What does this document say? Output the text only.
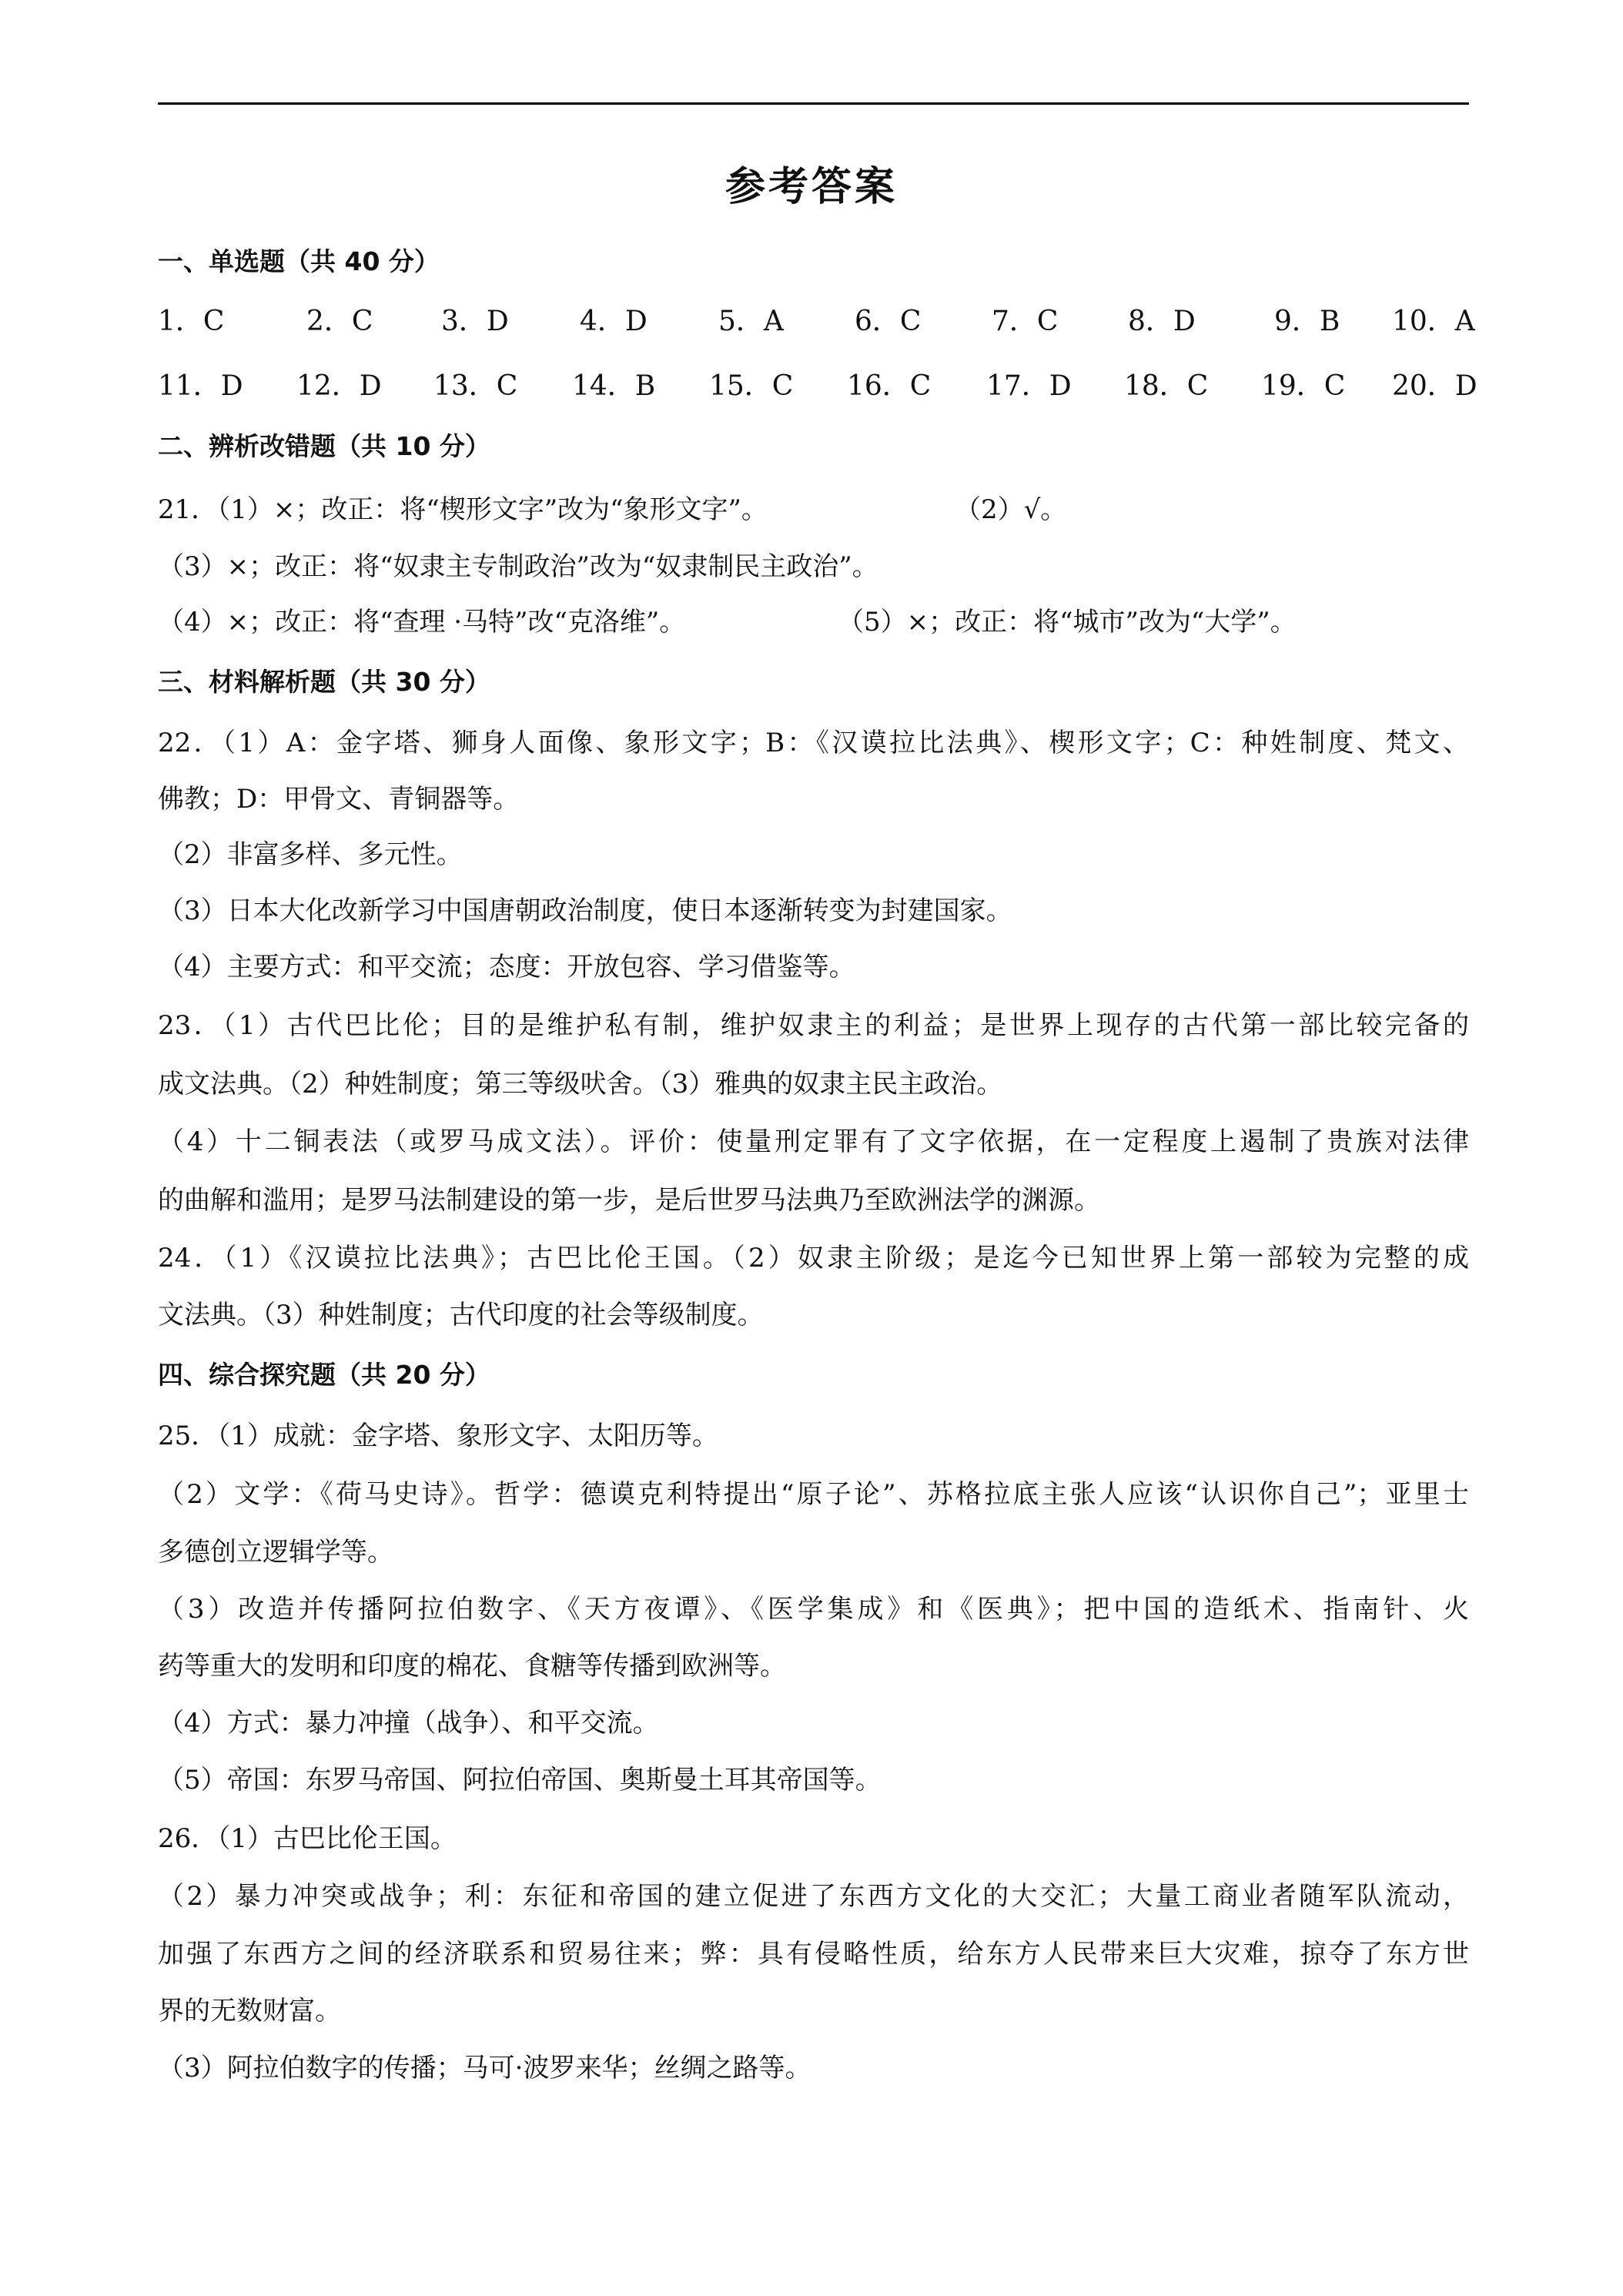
参考答案
一、单选题（共 40 分）
1．C	2．C 3．D	4．D	5．A	6．C	7．C	8．D	9．B 10．A
11．D 12．D 13．C 14．B 15．C 16．C 17．D 18．C 19．C 20．D
二、辨析改错题（共 10 分）
21．（1）×；改正：将“楔形文字”改为“象形文字”。	（2）√。
（3）×；改正：将“奴隶主专制政治”改为“奴隶制民主政治”。
（4）×；改正：将“查理 ·马特”改“克洛维”。	（5）×；改正：将“城市”改为“大学”。
三、材料解析题（共 30 分）
22．（1）A：金字塔、狮身人面像、象形文字；B：《汉谟拉比法典》、楔形文字；C：种姓制度、梵文、
佛教；D：甲骨文、青铜器等。
（2）非富多样、多元性。
（3）日本大化改新学习中国唐朝政治制度，使日本逐渐转变为封建国家。
（4）主要方式：和平交流；态度：开放包容、学习借鉴等。
23．（1）古代巴比伦；目的是维护私有制，维护奴隶主的利益；是世界上现存的古代第一部比较完备的
成文法典。（2）种姓制度；第三等级吠舍。（3）雅典的奴隶主民主政治。
（4）十二铜表法（或罗马成文法）。评价：使量刑定罪有了文字依据，在一定程度上遏制了贵族对法律
的曲解和滥用；是罗马法制建设的第一步，是后世罗马法典乃至欧洲法学的渊源。
24．（1）《汉谟拉比法典》；古巴比伦王国。（2）奴隶主阶级；是迄今已知世界上第一部较为完整的成
文法典。（3）种姓制度；古代印度的社会等级制度。
四、综合探究题（共 20 分）
25．（1）成就：金字塔、象形文字、太阳历等。
（2）文学：《荷马史诗》。哲学：德谟克利特提出“原子论”、苏格拉底主张人应该“认识你自己”；亚里士
多德创立逻辑学等。
（3）改造并传播阿拉伯数字、《天方夜谭》、《医学集成》和《医典》；把中国的造纸术、指南针、火
药等重大的发明和印度的棉花、食糖等传播到欧洲等。
（4）方式：暴力冲撞（战争）、和平交流。
（5）帝国：东罗马帝国、阿拉伯帝国、奥斯曼土耳其帝国等。
26．（1）古巴比伦王国。
（2）暴力冲突或战争；利：东征和帝国的建立促进了东西方文化的大交汇；大量工商业者随军队流动，
加强了东西方之间的经济联系和贸易往来；弊：具有侵略性质，给东方人民带来巨大灾难，掠夺了东方世
界的无数财富。
（3）阿拉伯数字的传播；马可·波罗来华；丝绸之路等。
